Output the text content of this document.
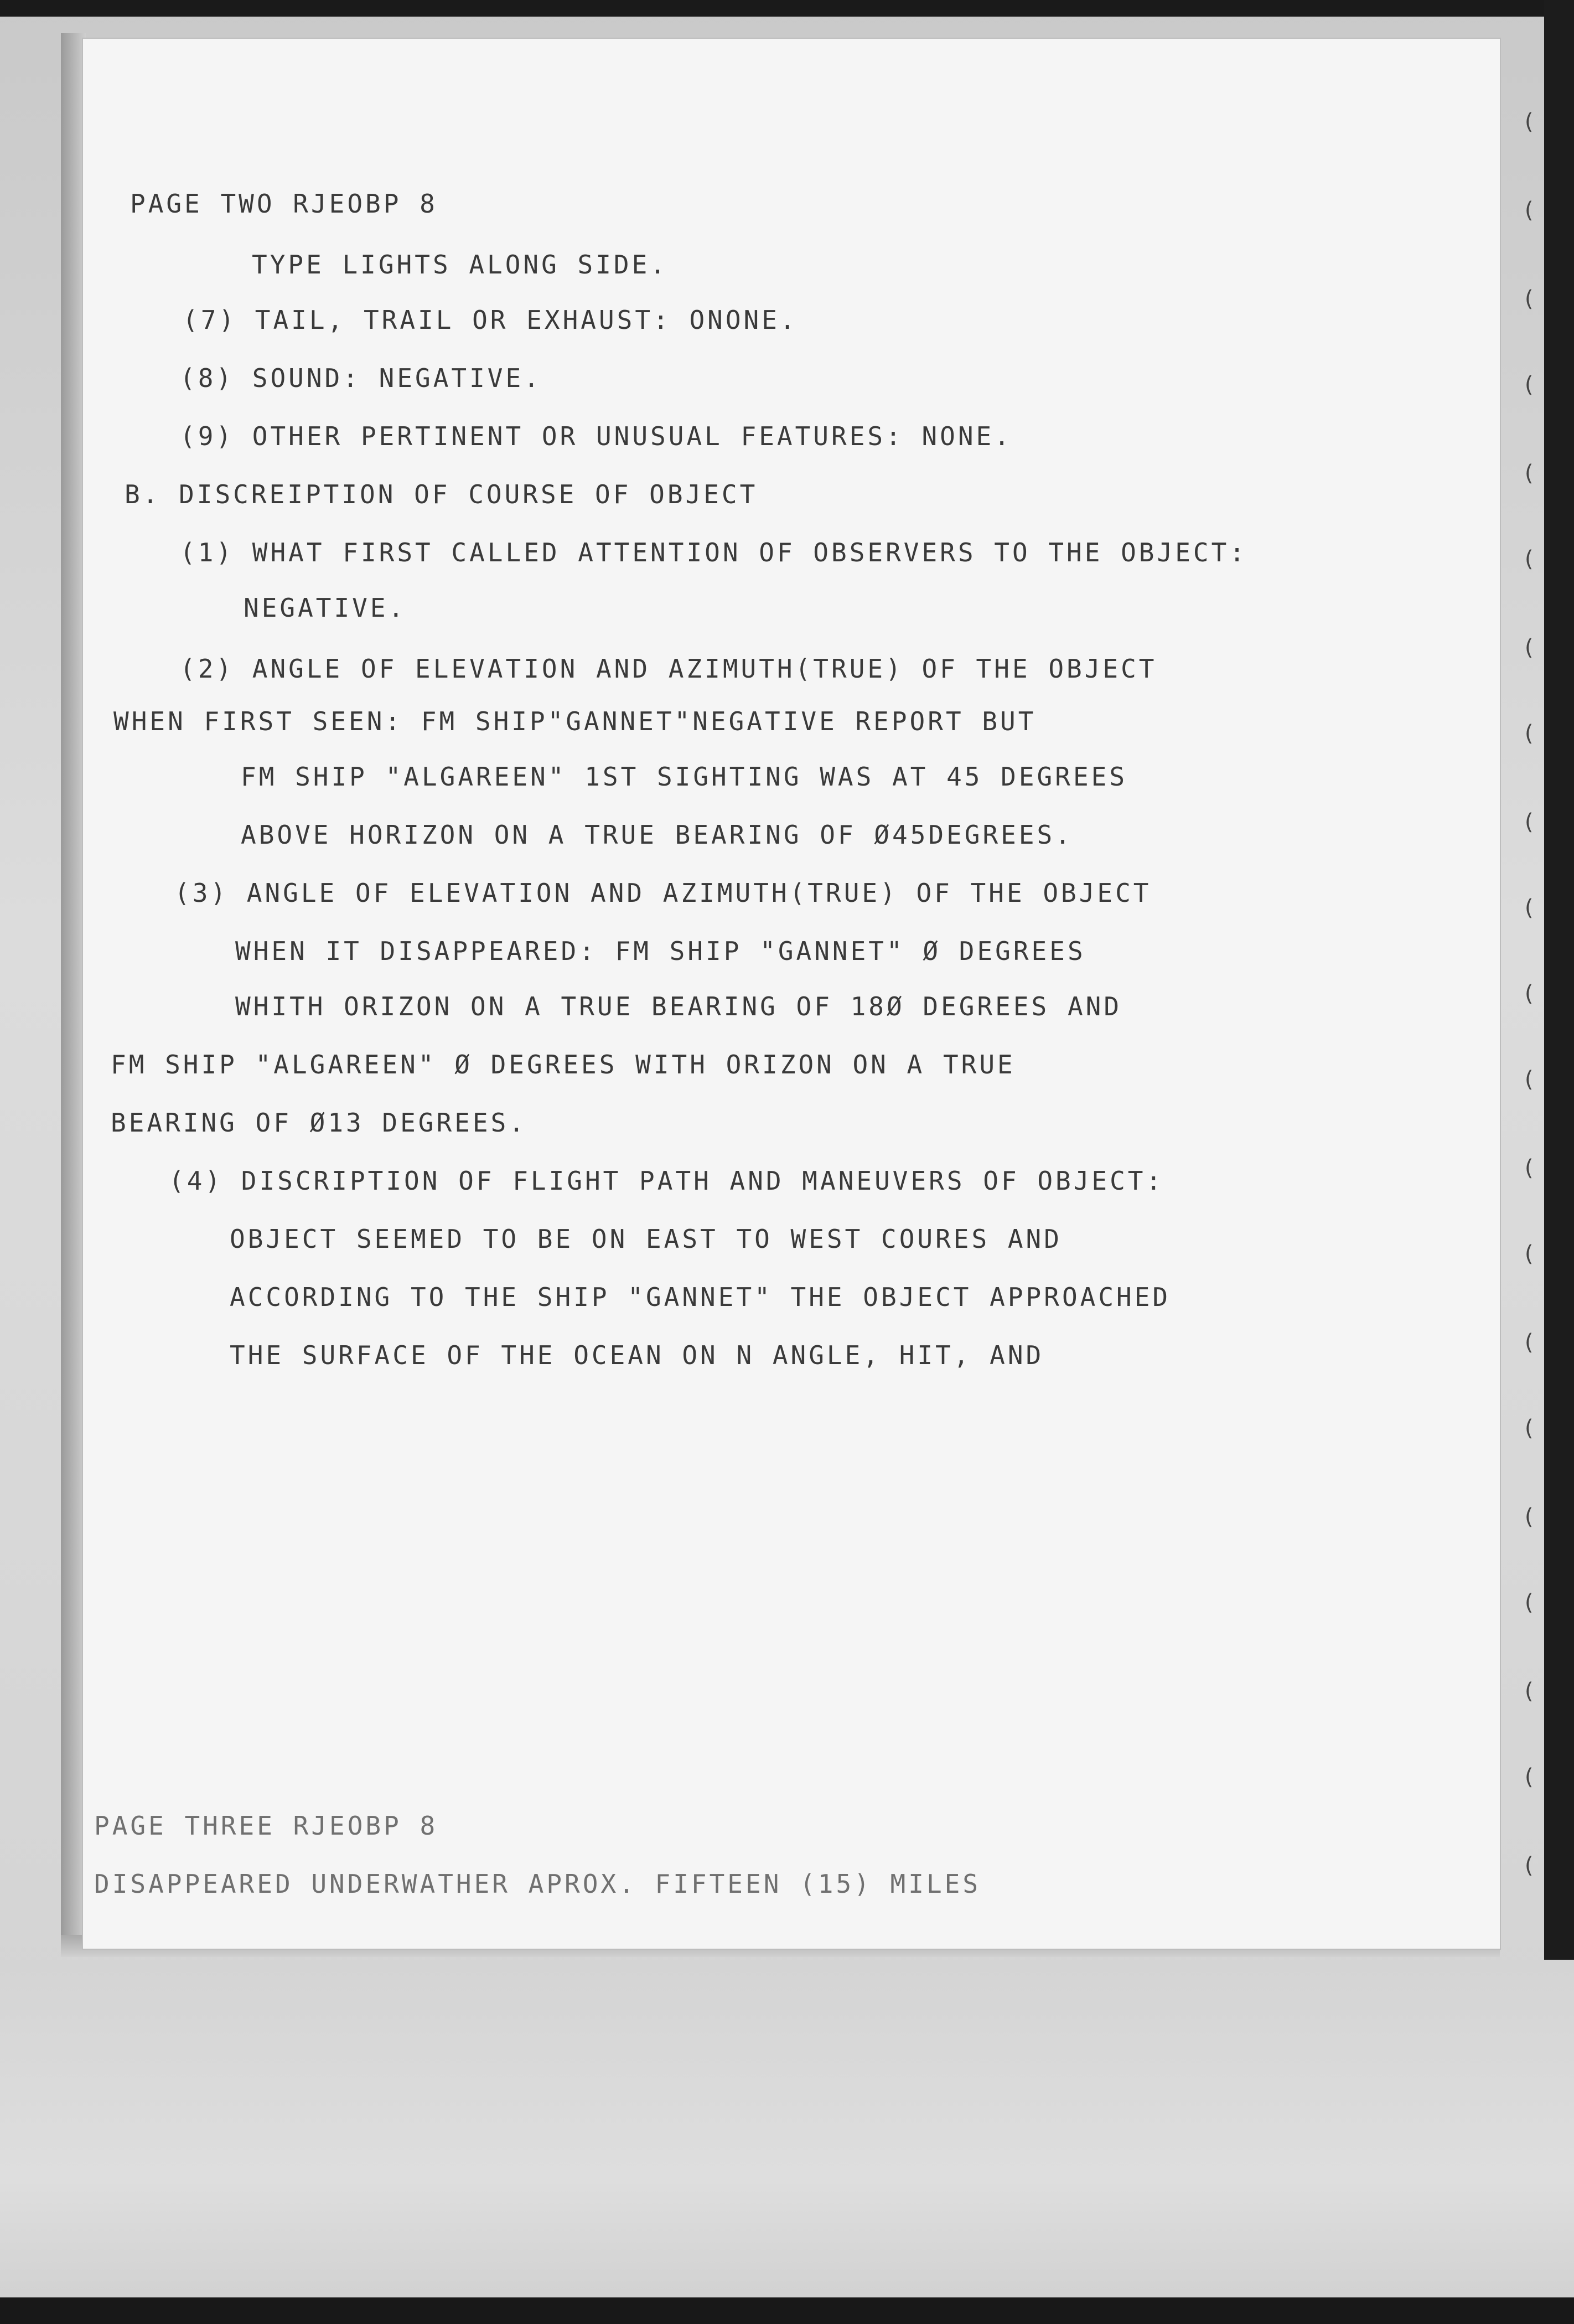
PAGE TWO RJEOBP 8
TYPE LIGHTS ALONG SIDE.
(7) TAIL, TRAIL OR EXHAUST: ONONE.
(8) SOUND: NEGATIVE.
(9) OTHER PERTINENT OR UNUSUAL FEATURES: NONE.
B. DISCREIPTION OF COURSE OF OBJECT
(1) WHAT FIRST CALLED ATTENTION OF OBSERVERS TO THE OBJECT:
NEGATIVE.
(2) ANGLE OF ELEVATION AND AZIMUTH(TRUE) OF THE OBJECT
WHEN FIRST SEEN: FM SHIP"GANNET"NEGATIVE REPORT BUT
FM SHIP "ALGAREEN" 1ST SIGHTING WAS AT 45 DEGREES
ABOVE HORIZON ON A TRUE BEARING OF Ø45DEGREES.
(3) ANGLE OF ELEVATION AND AZIMUTH(TRUE) OF THE OBJECT
WHEN IT DISAPPEARED: FM SHIP "GANNET" Ø DEGREES
WHITH ORIZON ON A TRUE BEARING OF 18Ø DEGREES AND
FM SHIP "ALGAREEN" Ø DEGREES WITH ORIZON ON A TRUE
BEARING OF Ø13 DEGREES.
(4) DISCRIPTION OF FLIGHT PATH AND MANEUVERS OF OBJECT:
OBJECT SEEMED TO BE ON EAST TO WEST COURES AND
ACCORDING TO THE SHIP "GANNET" THE OBJECT APPROACHED
THE SURFACE OF THE OCEAN ON N ANGLE, HIT, AND
PAGE THREE RJEOBP 8
DISAPPEARED UNDERWATHER APROX. FIFTEEN (15) MILES
(
(
(
(
(
(
(
(
(
(
(
(
(
(
(
(
(
(
(
(
(
